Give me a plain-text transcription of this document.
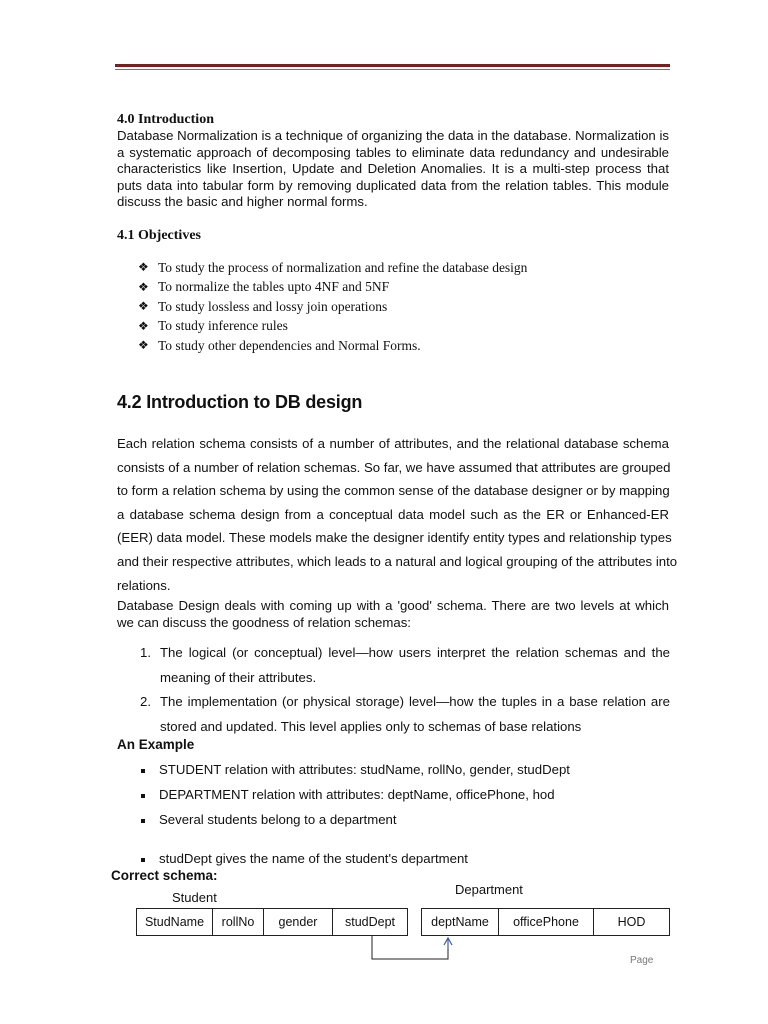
4.0 Introduction

Database Normalization is a technique of organizing the data in the database. Normalization is a systematic approach of decomposing tables to eliminate data redundancy and undesirable characteristics like Insertion, Update and Deletion Anomalies. It is a multi-step process that puts data into tabular form by removing duplicated data from the relation tables. This module discuss the basic and higher normal forms.

4.1 Objectives
❖ To study the process of normalization and refine the database design
❖ To normalize the tables upto 4NF and 5NF
❖ To study lossless and lossy join operations
❖ To study inference rules
❖ To study other dependencies and Normal Forms.
4.2 Introduction to DB design
Each relation schema consists of a number of attributes, and the relational database schema
consists of a number of relation schemas. So far, we have assumed that attributes are grouped
to form a relation schema by using the common sense of the database designer or by mapping
a database schema design from a conceptual data model such as the ER or Enhanced-ER
(EER) data model. These models make the designer identify entity types and relationship types
and their respective attributes, which leads to a natural and logical grouping of the attributes into
relations.

Database Design deals with coming up with a 'good' schema. There are two levels at which we can discuss the goodness of relation schemas:

1. The logical (or conceptual) level—how users interpret the relation schemas and the meaning of their attributes.
2. The implementation (or physical storage) level—how the tuples in a base relation are stored and updated. This level applies only to schemas of base relations
An Example
STUDENT relation with attributes: studName, rollNo, gender, studDept
DEPARTMENT relation with attributes: deptName, officePhone, hod
Several students belong to a department
studDept gives the name of the student's department
Correct schema:
Student
Department
StudName	rollNo	gender	studDept	deptName	officePhone	HOD
Page
